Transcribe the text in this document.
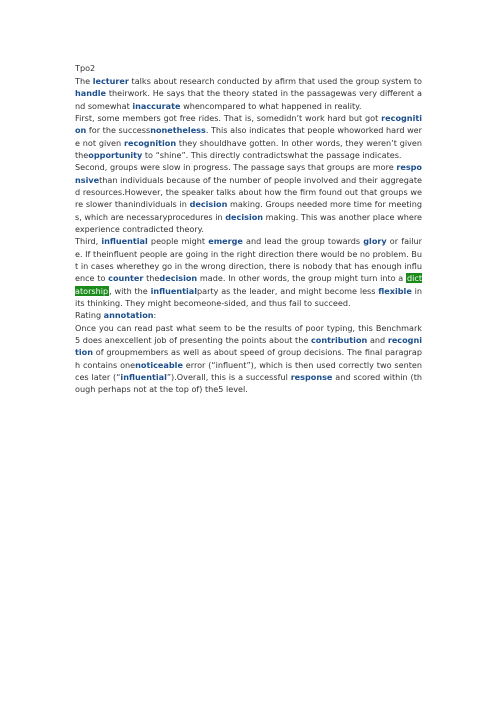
Tpo2

The lecturer talks about research conducted by afirm that used the group system to handle theirwork. He says that the theory stated in the passagewas very different and somewhat inaccurate whencompared to what happened in reality.

First, some members got free rides. That is, somedidn’t work hard but got recognition for the successnonetheless. This also indicates that people whoworked hard were not given recognition they shouldhave gotten. In other words, they weren’t given theopportunity to “shine”. This directly contradictswhat the passage indicates.

Second, groups were slow in progress. The passage says that groups are more responsivethan individuals because of the number of people involved and their aggregated resources.However, the speaker talks about how the firm found out that groups were slower thanindividuals in decision making. Groups needed more time for meetings, which are necessaryprocedures in decision making. This was another place where experience contradicted theory.

Third, influential people might emerge and lead the group towards glory or failure. If theinfluent people are going in the right direction there would be no problem. But in cases wherethey go in the wrong direction, there is nobody that has enough influence to counter thedecision made. In other words, the group might turn into a dictatorship, with the influentialparty as the leader, and might become less flexible in its thinking. They might becomeone-sided, and thus fail to succeed.

Rating annotation:

Once you can read past what seem to be the results of poor typing, this Benchmark 5 does anexcellent job of presenting the points about the contribution and recognition of groupmembers as well as about speed of group decisions. The final paragraph contains onenoticeable error (“influent”), which is then used correctly two sentences later (“influential”).Overall, this is a successful response and scored within (though perhaps not at the top of) the5 level.
